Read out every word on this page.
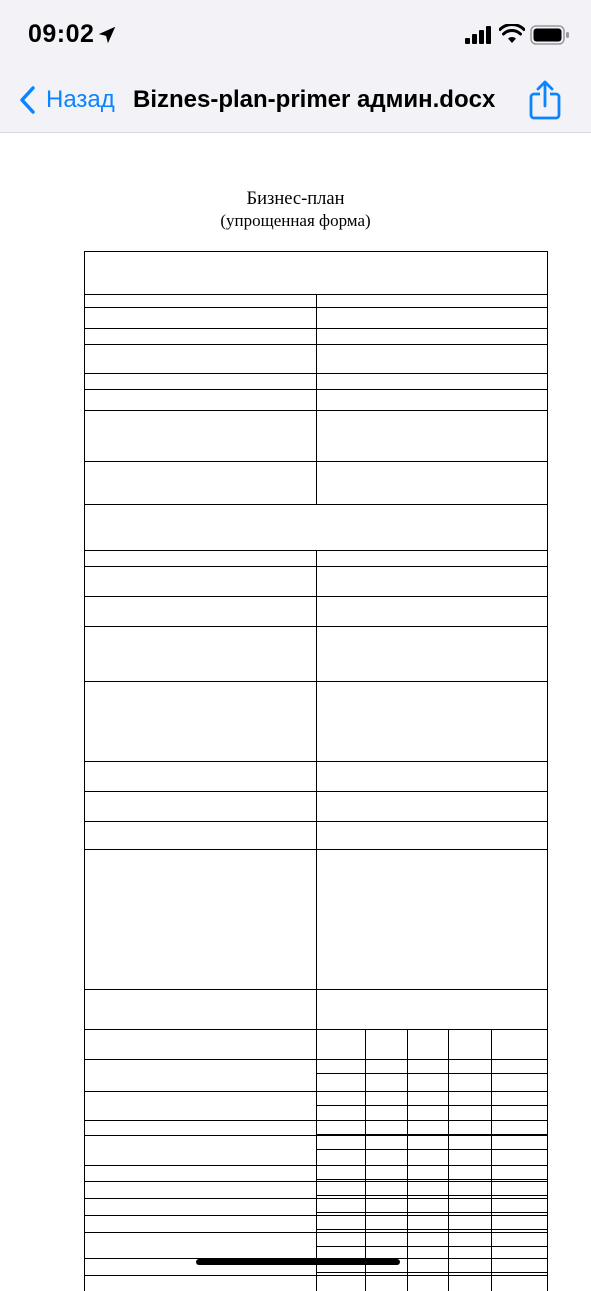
09:02
Назад Biznes-plan-primer админ.docx
Бизнес-план
(упрощенная форма)
